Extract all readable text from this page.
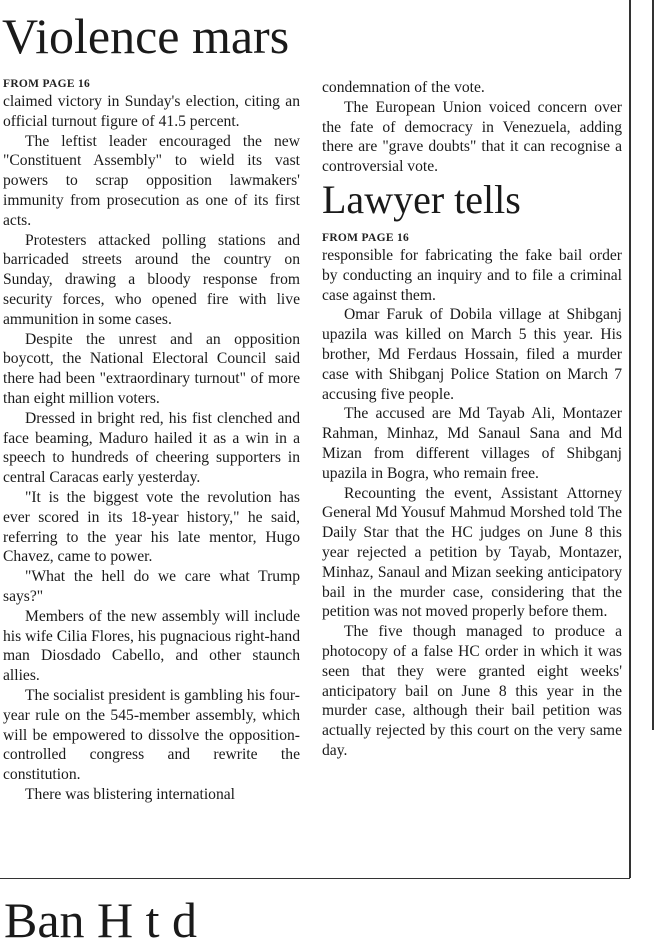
Violence mars
FROM PAGE 16
claimed victory in Sunday's election, citing an official turnout figure of 41.5 percent.
The leftist leader encouraged the new "Constituent Assembly" to wield its vast powers to scrap opposition lawmakers' immunity from prosecution as one of its first acts.
Protesters attacked polling stations and barricaded streets around the country on Sunday, drawing a bloody response from security forces, who opened fire with live ammunition in some cases.
Despite the unrest and an opposition boycott, the National Electoral Council said there had been "extraordinary turnout" of more than eight million voters.
Dressed in bright red, his fist clenched and face beaming, Maduro hailed it as a win in a speech to hundreds of cheering supporters in central Caracas early yesterday.
"It is the biggest vote the revolution has ever scored in its 18-year history," he said, referring to the year his late mentor, Hugo Chavez, came to power.
"What the hell do we care what Trump says?"
Members of the new assembly will include his wife Cilia Flores, his pugnacious right-hand man Diosdado Cabello, and other staunch allies.
The socialist president is gambling his four-year rule on the 545-member assembly, which will be empowered to dissolve the opposition-controlled congress and rewrite the constitution.
There was blistering international
condemnation of the vote.
The European Union voiced concern over the fate of democracy in Venezuela, adding there are "grave doubts" that it can recognise a controversial vote.
Lawyer tells
FROM PAGE 16
responsible for fabricating the fake bail order by conducting an inquiry and to file a criminal case against them.
Omar Faruk of Dobila village at Shibganj upazila was killed on March 5 this year. His brother, Md Ferdaus Hossain, filed a murder case with Shibganj Police Station on March 7 accusing five people.
The accused are Md Tayab Ali, Montazer Rahman, Minhaz, Md Sanaul Sana and Md Mizan from different villages of Shibganj upazila in Bogra, who remain free.
Recounting the event, Assistant Attorney General Md Yousuf Mahmud Morshed told The Daily Star that the HC judges on June 8 this year rejected a petition by Tayab, Montazer, Minhaz, Sanaul and Mizan seeking anticipatory bail in the murder case, considering that the petition was not moved properly before them.
The five though managed to produce a photocopy of a false HC order in which it was seen that they were granted eight weeks' anticipatory bail on June 8 this year in the murder case, although their bail petition was actually rejected by this court on the very same day.
Ban H t d
